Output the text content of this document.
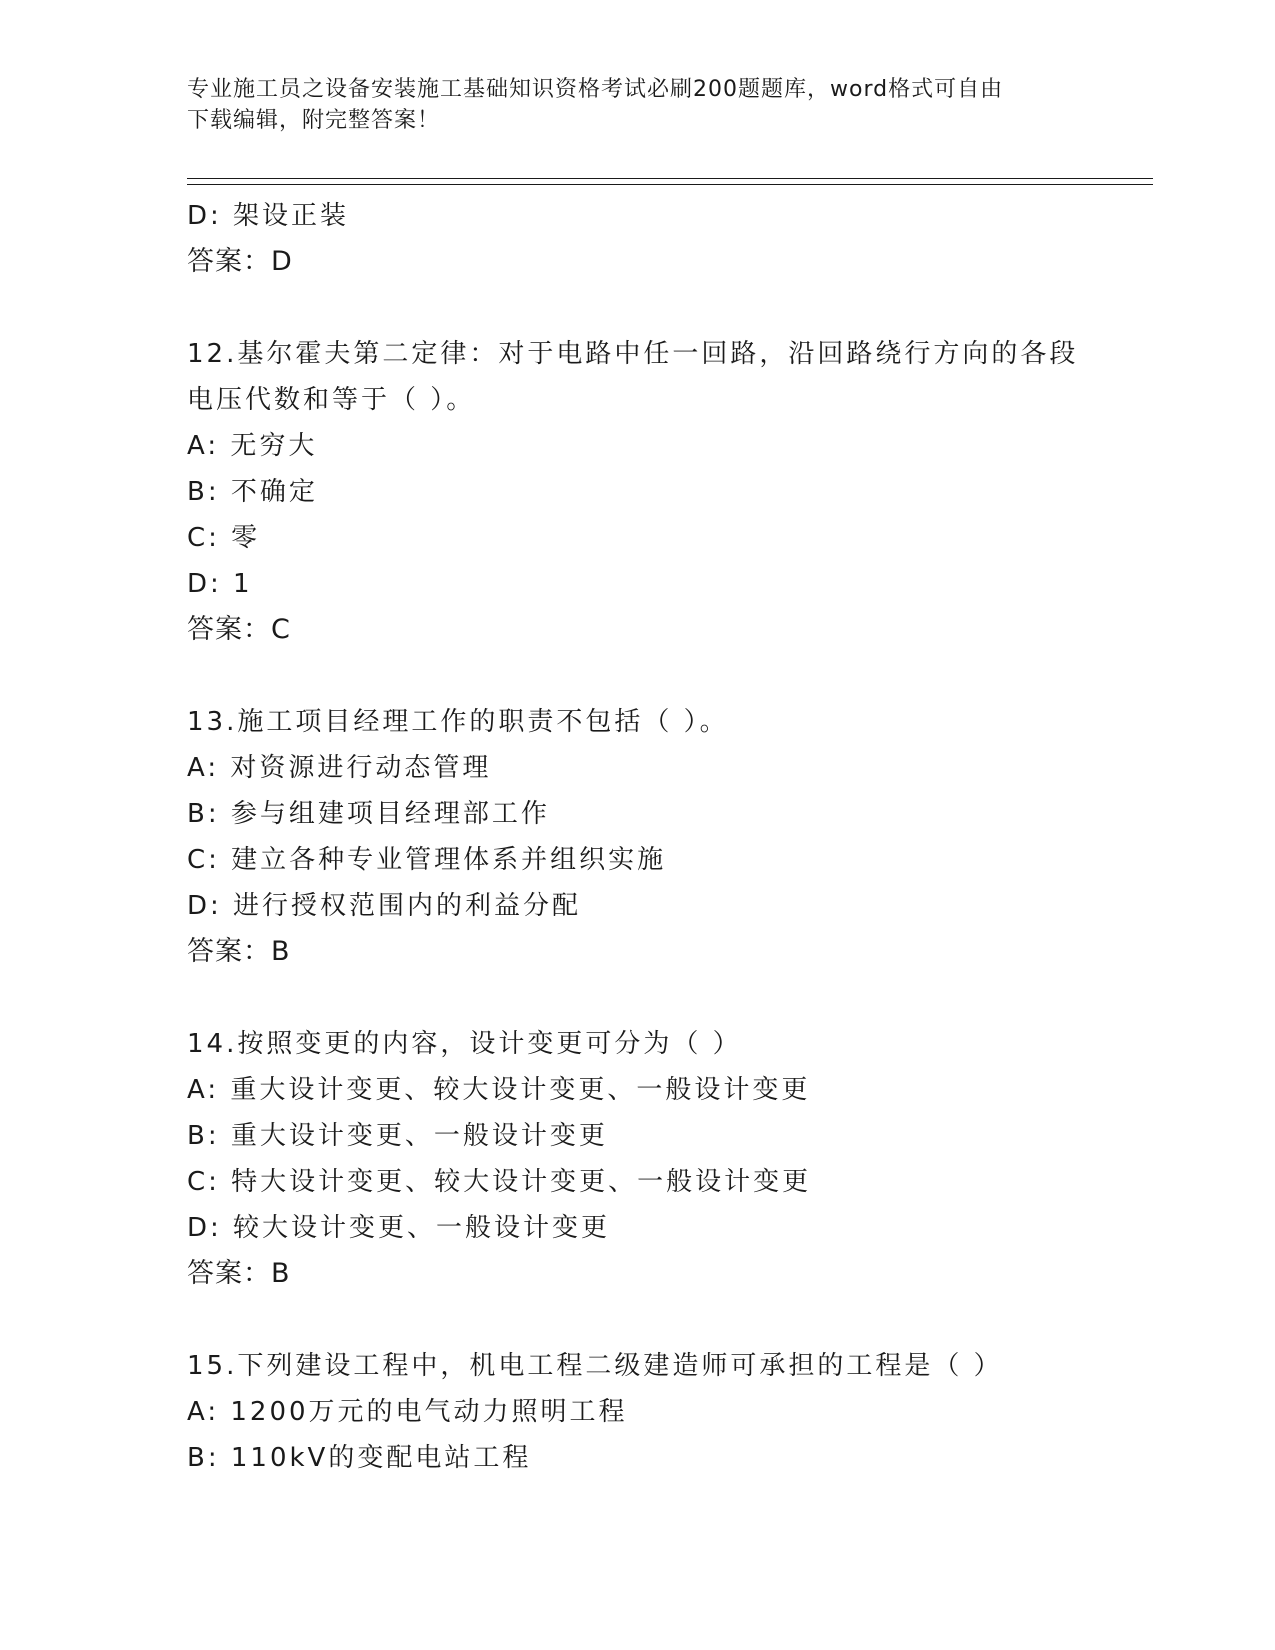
专业施工员之设备安装施工基础知识资格考试必刷200题题库，word格式可自由
下载编辑，附完整答案！
D: 架设正装
答案：D
12.基尔霍夫第二定律：对于电路中任一回路，沿回路绕行方向的各段
电压代数和等于（ ）。
A: 无穷大
B: 不确定
C: 零
D: 1
答案：C
13.施工项目经理工作的职责不包括（ ）。
A: 对资源进行动态管理
B: 参与组建项目经理部工作
C: 建立各种专业管理体系并组织实施
D: 进行授权范围内的利益分配
答案：B
14.按照变更的内容，设计变更可分为（ ）
A: 重大设计变更、较大设计变更、一般设计变更
B: 重大设计变更、一般设计变更
C: 特大设计变更、较大设计变更、一般设计变更
D: 较大设计变更、一般设计变更
答案：B
15.下列建设工程中，机电工程二级建造师可承担的工程是（ ）
A: 1200万元的电气动力照明工程
B: 110kV的变配电站工程
